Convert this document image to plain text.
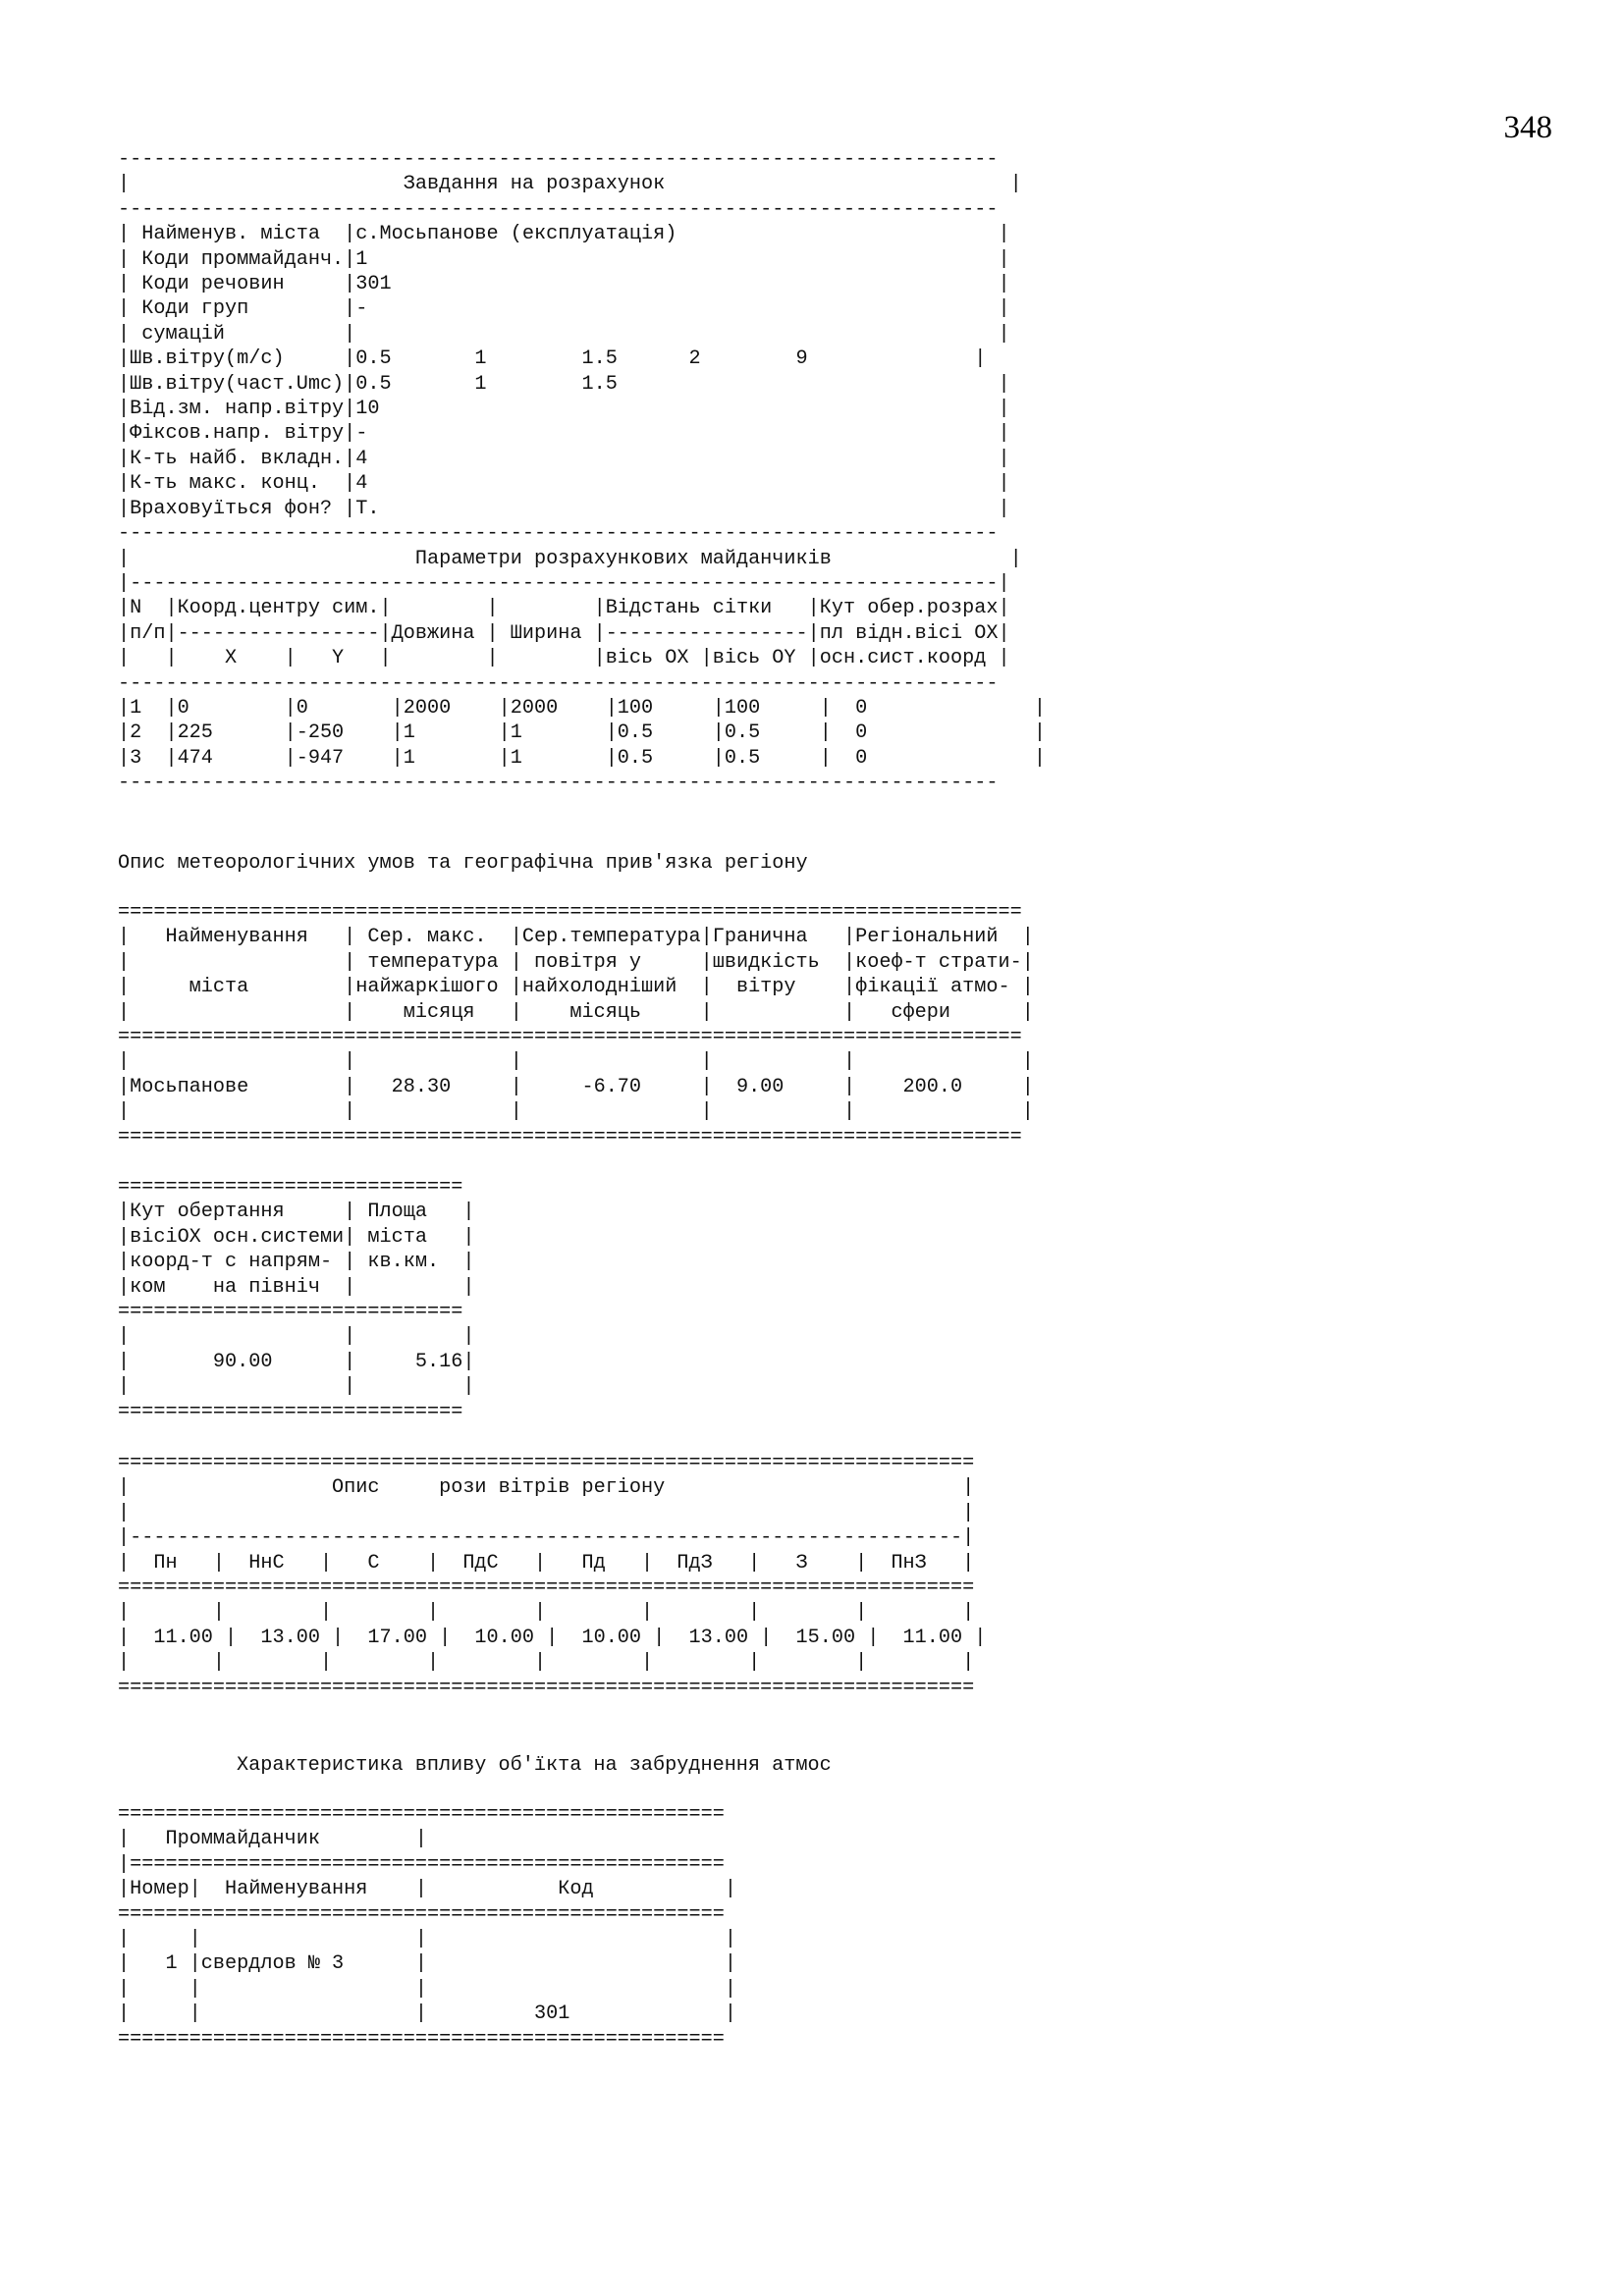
348
--------------------------------------------------------------------------
|                       Завдання на розрахунок                             |
--------------------------------------------------------------------------
| Найменув. міста  |с.Мосьпанове (експлуатація)                           |
| Коди проммайданч.|1                                                     |
| Коди речовин     |301                                                   |
| Коди груп        |-                                                     |
| сумацій          |                                                      |
|Шв.вітру(m/c)     |0.5       1        1.5      2        9              |
|Шв.вітру(част.Umc)|0.5       1        1.5                                |
|Від.зм. напр.вітру|10                                                    |
|Фіксов.напр. вітру|-                                                     |
|К-ть найб. вкладн.|4                                                     |
|К-ть макс. конц.  |4                                                     |
|Враховуїться фон? |Т.                                                    |
--------------------------------------------------------------------------
|                        Параметри розрахункових майданчиків               |
|-------------------------------------------------------------------------|
|N  |Коорд.центру сим.|        |        |Відстань сітки   |Кут обер.розрах|
|п/п|-----------------|Довжина | Ширина |-----------------|пл відн.вісі ОХ|
|   |    X    |   Y   |        |        |вісь ОХ |вісь OY |осн.сист.коорд |
--------------------------------------------------------------------------
|1  |0        |0       |2000    |2000    |100     |100     |  0              |
|2  |225      |-250    |1       |1       |0.5     |0.5     |  0              |
|3  |474      |-947    |1       |1       |0.5     |0.5     |  0              |
--------------------------------------------------------------------------
Опис метеорологічних умов та географічна прив'язка регіону
============================================================================
|   Найменування   | Сер. макс.  |Сер.температура|Гранична   |Регіональний  |
|                  | температура | повітря у     |швидкість  |коеф-т страти-|
|     міста        |найжаркішого |найхолодніший  |  вітру    |фікації атмо- |
|                  |    місяця   |    місяць     |           |   сфери      |
============================================================================
|                  |             |               |           |              |
|Мосьпанове        |   28.30     |     -6.70     |  9.00     |    200.0     |
|                  |             |               |           |              |
============================================================================
=============================
|Кут обертання     | Площа   |
|вісіОХ осн.системи| міста   |
|коорд-т с напрям- | кв.км.  |
|ком    на північ  |         |
=============================
|                  |         |
|       90.00      |     5.16|
|                  |         |
=============================
========================================================================
|                 Опис     рози вітрів регіону                         |
|                                                                      |
|----------------------------------------------------------------------|
|  Пн   |  НнС   |   С    |  ПдС   |   Пд   |  ПдЗ   |   З    |  ПнЗ   |
========================================================================
|       |        |        |        |        |        |        |        |
|  11.00 |  13.00 |  17.00 |  10.00 |  10.00 |  13.00 |  15.00 |  11.00 |
|       |        |        |        |        |        |        |        |
========================================================================
Характеристика впливу об'їкта на забруднення атмос
===================================================
|   Проммайданчик        |
|==================================================
|Номер|  Найменування    |           Код           |
===================================================
|     |                  |                         |
|   1 |свердлов № 3      |                         |
|     |                  |                         |
|     |                  |         301             |
===================================================
